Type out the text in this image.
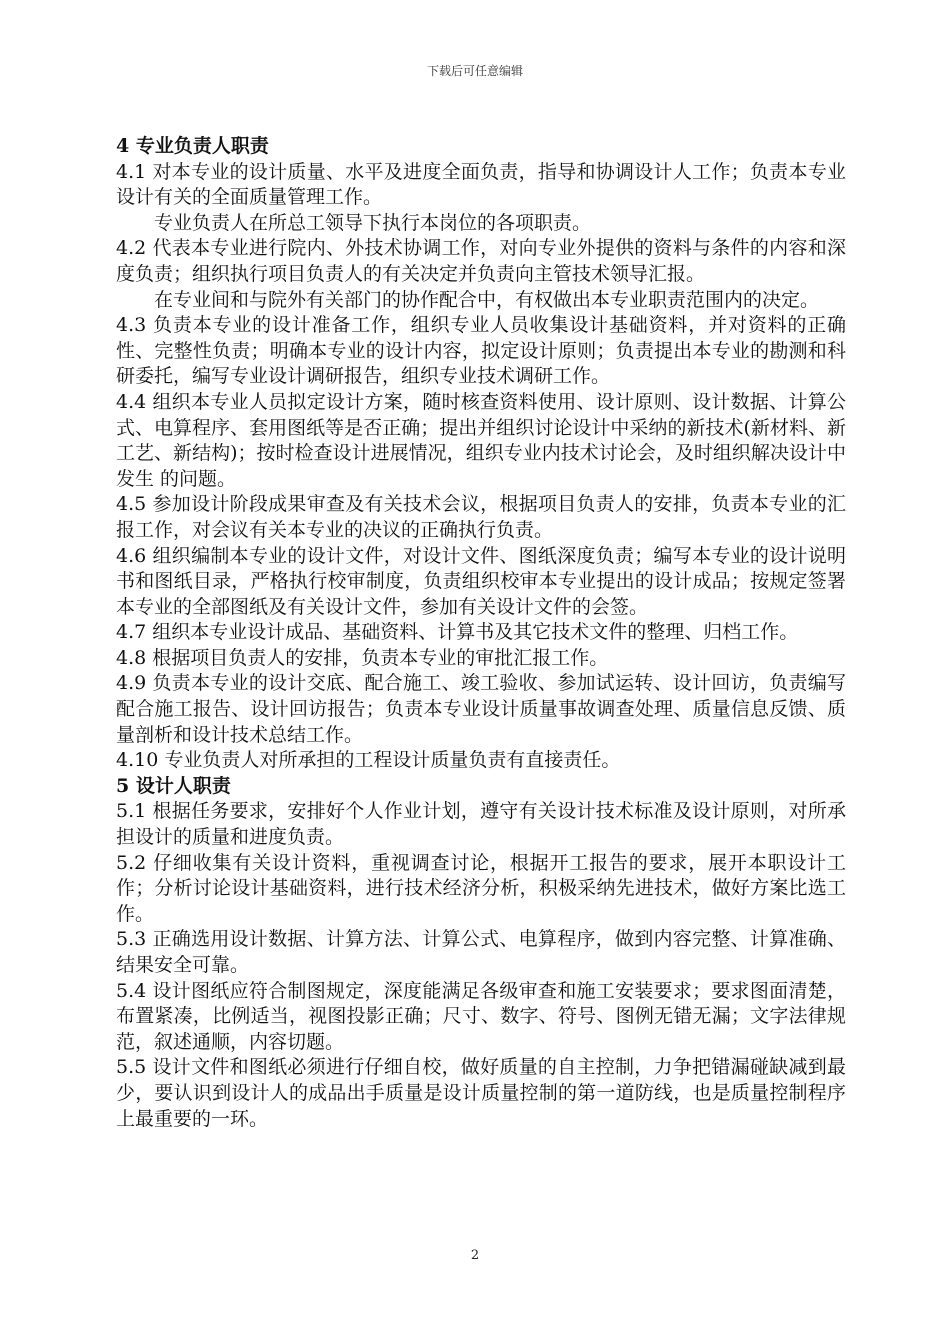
下载后可任意编辑
4 专业负责人职责

4.1 对本专业的设计质量、水平及进度全面负责，指导和协调设计人工作；负责本专业设计有关的全面质量管理工作。

专业负责人在所总工领导下执行本岗位的各项职责。

4.2 代表本专业进行院内、外技术协调工作，对向专业外提供的资料与条件的内容和深度负责；组织执行项目负责人的有关决定并负责向主管技术领导汇报。

在专业间和与院外有关部门的协作配合中，有权做出本专业职责范围内的决定。

4.3 负责本专业的设计准备工作，组织专业人员收集设计基础资料，并对资料的正确性、完整性负责；明确本专业的设计内容，拟定设计原则；负责提出本专业的勘测和科研委托，编写专业设计调研报告，组织专业技术调研工作。

4.4 组织本专业人员拟定设计方案，随时核查资料使用、设计原则、设计数据、计算公式、电算程序、套用图纸等是否正确；提出并组织讨论设计中采纳的新技术(新材料、新工艺、新结构)；按时检查设计进展情况，组织专业内技术讨论会，及时组织解决设计中发生 的问题。

4.5 参加设计阶段成果审查及有关技术会议，根据项目负责人的安排，负责本专业的汇报工作，对会议有关本专业的决议的正确执行负责。

4.6 组织编制本专业的设计文件，对设计文件、图纸深度负责；编写本专业的设计说明书和图纸目录，严格执行校审制度，负责组织校审本专业提出的设计成品；按规定签署本专业的全部图纸及有关设计文件，参加有关设计文件的会签。

4.7 组织本专业设计成品、基础资料、计算书及其它技术文件的整理、归档工作。

4.8 根据项目负责人的安排，负责本专业的审批汇报工作。

4.9 负责本专业的设计交底、配合施工、竣工验收、参加试运转、设计回访，负责编写配合施工报告、设计回访报告；负责本专业设计质量事故调查处理、质量信息反馈、质量剖析和设计技术总结工作。

4.10 专业负责人对所承担的工程设计质量负责有直接责任。

5 设计人职责

5.1 根据任务要求，安排好个人作业计划，遵守有关设计技术标准及设计原则，对所承担设计的质量和进度负责。

5.2 仔细收集有关设计资料，重视调查讨论，根据开工报告的要求，展开本职设计工作；分析讨论设计基础资料，进行技术经济分析，积极采纳先进技术，做好方案比选工作。

5.3 正确选用设计数据、计算方法、计算公式、电算程序，做到内容完整、计算准确、结果安全可靠。

5.4 设计图纸应符合制图规定，深度能满足各级审查和施工安装要求；要求图面清楚，布置紧凑，比例适当，视图投影正确；尺寸、数字、符号、图例无错无漏；文字法律规范，叙述通顺，内容切题。

5.5 设计文件和图纸必须进行仔细自校，做好质量的自主控制，力争把错漏碰缺减到最少，要认识到设计人的成品出手质量是设计质量控制的第一道防线，也是质量控制程序上最重要的一环。

2
